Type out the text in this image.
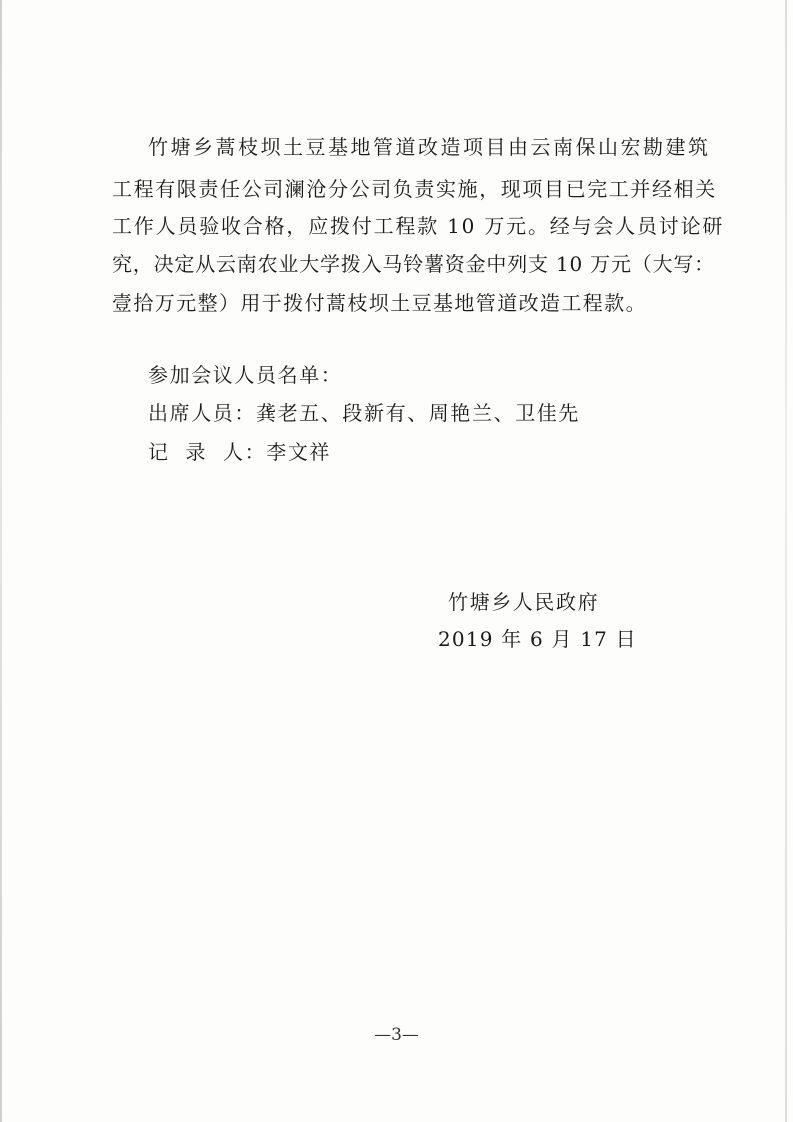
竹塘乡蒿枝坝土豆基地管道改造项目由云南保山宏勘建筑
工程有限责任公司澜沧分公司负责实施，现项目已完工并经相关
工作人员验收合格，应拨付工程款 10 万元。经与会人员讨论研
究，决定从云南农业大学拨入马铃薯资金中列支 10 万元（大写：
壹拾万元整）用于拨付蒿枝坝土豆基地管道改造工程款。
参加会议人员名单：
出席人员：龚老五、段新有、周艳兰、卫佳先
记  录  人：李文祥
竹塘乡人民政府
2019 年 6 月 17 日
—3—
